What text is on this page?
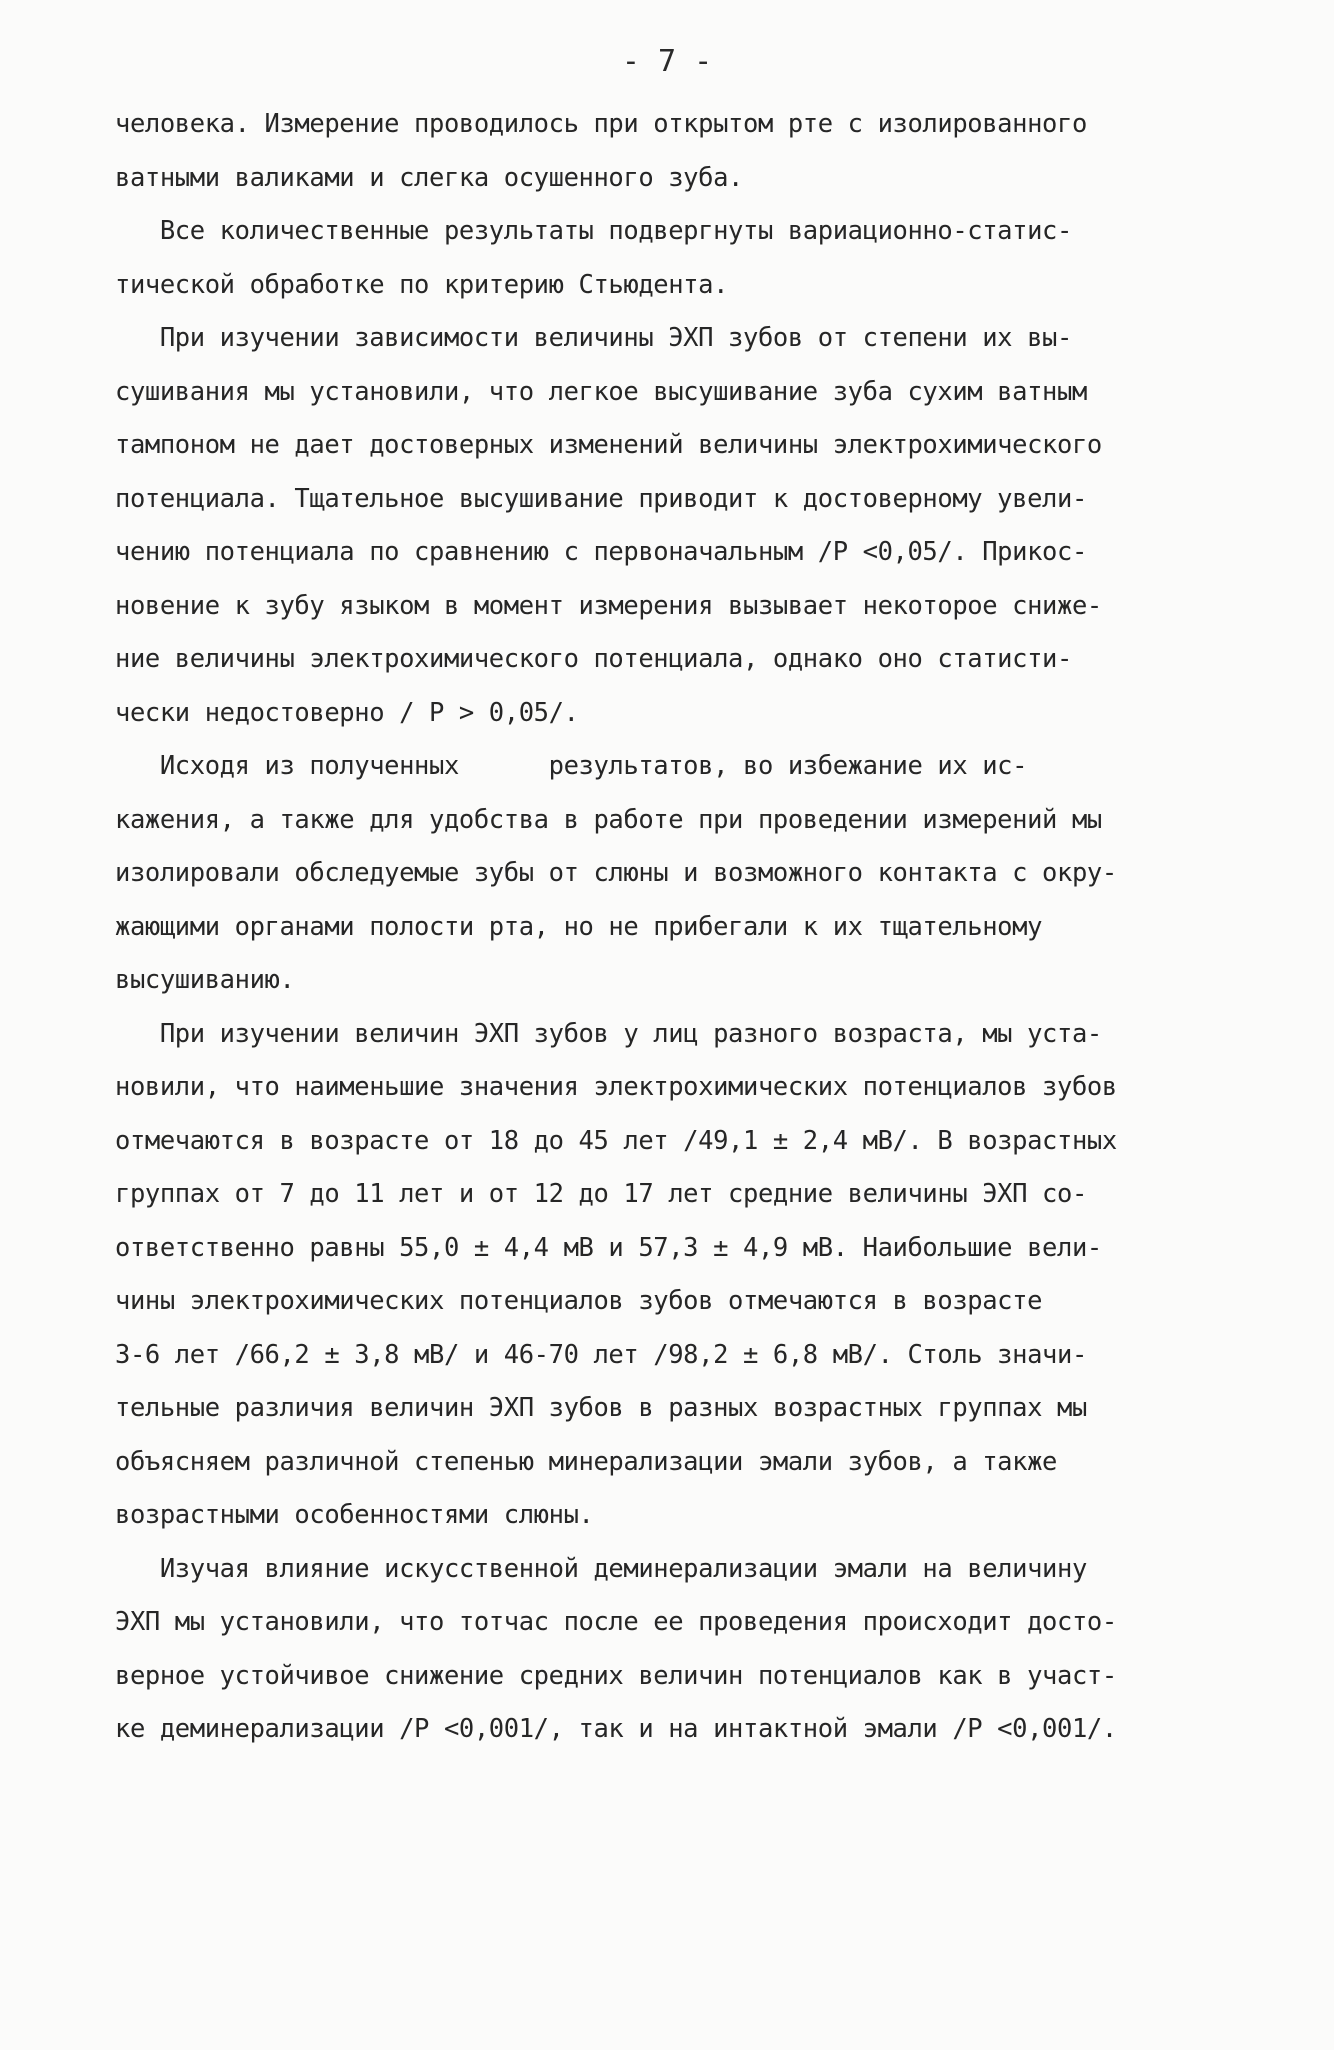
- 7 -
человека. Измерение проводилось при открытом рте с изолированного
ватными валиками и слегка осушенного зуба.
Все количественные результаты подвергнуты вариационно-статис-
тической обработке по критерию Стьюдента.
При изучении зависимости величины ЭХП зубов от степени их вы-
сушивания мы установили, что легкое высушивание зуба сухим ватным
тампоном не дает достоверных изменений величины электрохимического
потенциала. Тщательное высушивание приводит к достоверному увели-
чению потенциала по сравнению с первоначальным /Р <0,05/. Прикос-
новение к зубу языком в момент измерения вызывает некоторое сниже-
ние величины электрохимического потенциала, однако оно статисти-
чески недостоверно / Р > 0,05/.
Исходя из полученных      результатов, во избежание их ис-
кажения, а также для удобства в работе при проведении измерений мы
изолировали обследуемые зубы от слюны и возможного контакта с окру-
жающими органами полости рта, но не прибегали к их тщательному
высушиванию.
При изучении величин ЭХП зубов у лиц разного возраста, мы уста-
новили, что наименьшие значения электрохимических потенциалов зубов
отмечаются в возрасте от 18 до 45 лет /49,1 ± 2,4 мВ/. В возрастных
группах от 7 до 11 лет и от 12 до 17 лет средние величины ЭХП со-
ответственно равны 55,0 ± 4,4 мВ и 57,3 ± 4,9 мВ. Наибольшие вели-
чины электрохимических потенциалов зубов отмечаются в возрасте
3-6 лет /66,2 ± 3,8 мВ/ и 46-70 лет /98,2 ± 6,8 мВ/. Столь значи-
тельные различия величин ЭХП зубов в разных возрастных группах мы
объясняем различной степенью минерализации эмали зубов, а также
возрастными особенностями слюны.
Изучая влияние искусственной деминерализации эмали на величину
ЭХП мы установили, что тотчас после ее проведения происходит досто-
верное устойчивое снижение средних величин потенциалов как в участ-
ке деминерализации /Р <0,001/, так и на интактной эмали /Р <0,001/.
